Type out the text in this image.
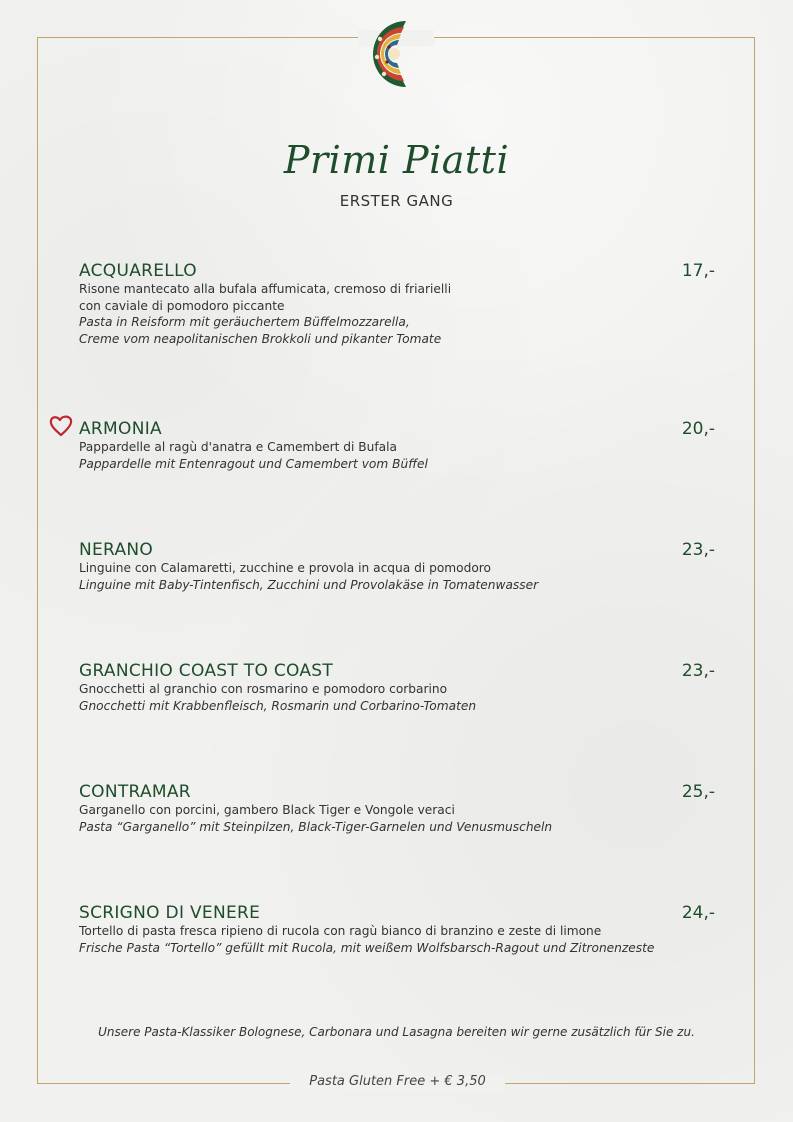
Primi Piatti
ERSTER GANG
ACQUARELLO	17,-
Risone mantecato alla bufala affumicata, cremoso di friarielli
con caviale di pomodoro piccante
Pasta in Reisform mit geräuchertem Büffelmozzarella,
Creme vom neapolitanischen Brokkoli und pikanter Tomate
ARMONIA	20,-
Pappardelle al ragù d'anatra e Camembert di Bufala
Pappardelle mit Entenragout und Camembert vom Büffel
NERANO	23,-
Linguine con Calamaretti, zucchine e provola in acqua di pomodoro
Linguine mit Baby-Tintenfisch, Zucchini und Provolakäse in Tomatenwasser
GRANCHIO COAST TO COAST	23,-
Gnocchetti al granchio con rosmarino e pomodoro corbarino
Gnocchetti mit Krabbenfleisch, Rosmarin und Corbarino-Tomaten
CONTRAMAR	25,-
Garganello con porcini, gambero Black Tiger e Vongole veraci
Pasta “Garganello” mit Steinpilzen, Black-Tiger-Garnelen und Venusmuscheln
SCRIGNO DI VENERE	24,-
Tortello di pasta fresca ripieno di rucola con ragù bianco di branzino e zeste di limone
Frische Pasta “Tortello” gefüllt mit Rucola, mit weißem Wolfsbarsch-Ragout und Zitronenzeste
Unsere Pasta-Klassiker Bolognese, Carbonara und Lasagna bereiten wir gerne zusätzlich für Sie zu.
Pasta Gluten Free + € 3,50
